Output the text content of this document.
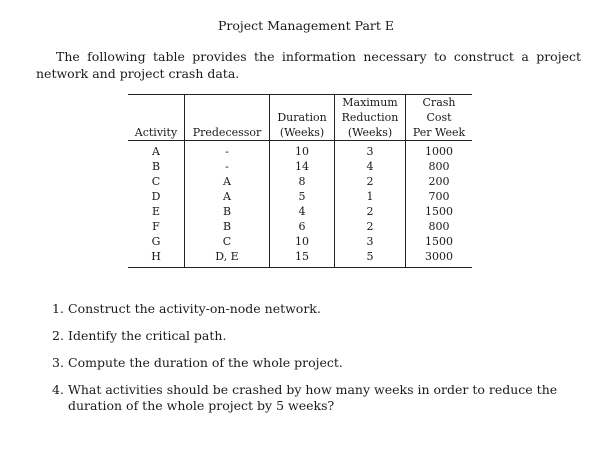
Project Management Part E

The following table provides the information necessary to construct a project network and project crash data.

			Maximum	Crash
		Duration	Reduction	Cost
Activity	Predecessor	(Weeks)	(Weeks)	Per Week
A	-	10	3	1000
B	-	14	4	800
C	A	8	2	200
D	A	5	1	700
E	B	4	2	1500
F	B	6	2	800
G	C	10	3	1500
H	D, E	15	5	3000
1. Construct the activity-on-node network.
2. Identify the critical path.
3. Compute the duration of the whole project.
4. What activities should be crashed by how many weeks in order to reduce the duration of the whole project by 5 weeks?
